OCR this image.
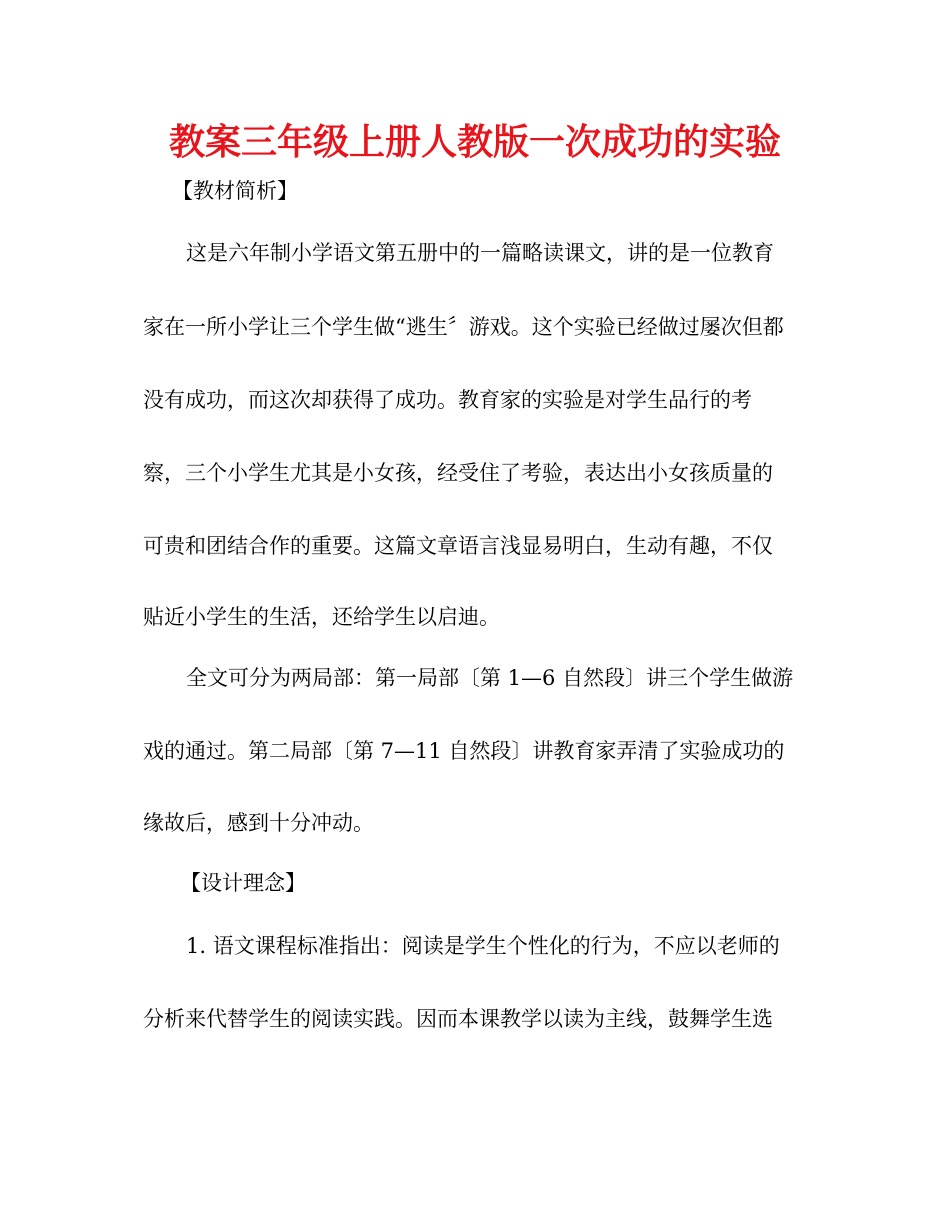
教案三年级上册人教版一次成功的实验

【教材简析】

这是六年制小学语文第五册中的一篇略读课文，讲的是一位教育

家在一所小学让三个学生做“逃生〞游戏。这个实验已经做过屡次但都

没有成功，而这次却获得了成功。教育家的实验是对学生品行的考

察，三个小学生尤其是小女孩，经受住了考验，表达出小女孩质量的

可贵和团结合作的重要。这篇文章语言浅显易明白，生动有趣，不仅

贴近小学生的生活，还给学生以启迪。

全文可分为两局部：第一局部〔第 1—6 自然段〕讲三个学生做游

戏的通过。第二局部〔第 7—11 自然段〕讲教育家弄清了实验成功的

缘故后，感到十分冲动。

【设计理念】

1. 语文课程标准指出：阅读是学生个性化的行为，不应以老师的

分析来代替学生的阅读实践。因而本课教学以读为主线，鼓舞学生选
